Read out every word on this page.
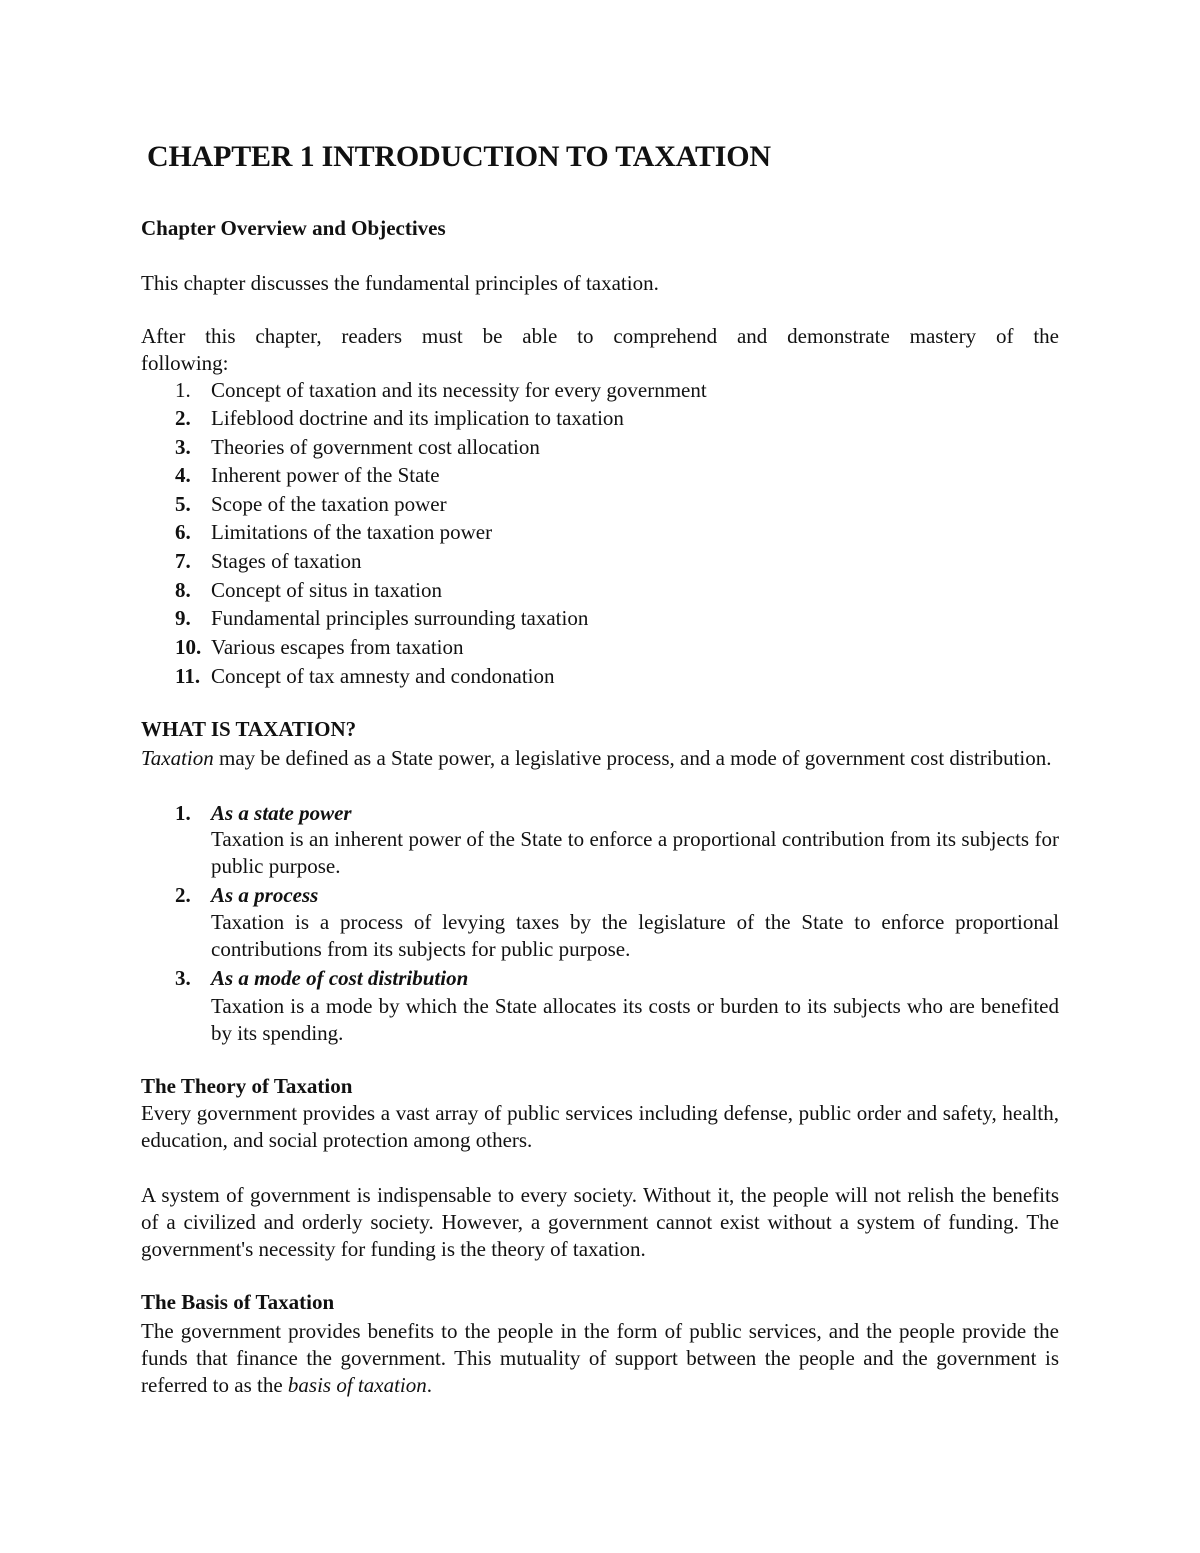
CHAPTER 1 INTRODUCTION TO TAXATION
Chapter Overview and Objectives

This chapter discusses the fundamental principles of taxation.

After this chapter, readers must be able to comprehend and demonstrate mastery of the

following:

1. Concept of taxation and its necessity for every government
2. Lifeblood doctrine and its implication to taxation
3. Theories of government cost allocation
4. Inherent power of the State
5. Scope of the taxation power
6. Limitations of the taxation power
7. Stages of taxation
8. Concept of situs in taxation
9. Fundamental principles surrounding taxation
10. Various escapes from taxation
11. Concept of tax amnesty and condonation
WHAT IS TAXATION?

Taxation may be defined as a State power, a legislative process, and a mode of government cost distribution.

1. As a state power

Taxation is an inherent power of the State to enforce a proportional contribution from its subjects for public purpose.

2. As a process

Taxation is a process of levying taxes by the legislature of the State to enforce proportional contributions from its subjects for public purpose.

3. As a mode of cost distribution

Taxation is a mode by which the State allocates its costs or burden to its subjects who are benefited by its spending.

The Theory of Taxation

Every government provides a vast array of public services including defense, public order and safety, health, education, and social protection among others.

A system of government is indispensable to every society. Without it, the people will not relish the benefits of a civilized and orderly society. However, a government cannot exist without a system of funding. The government's necessity for funding is the theory of taxation.

The Basis of Taxation

The government provides benefits to the people in the form of public services, and the people provide the funds that finance the government. This mutuality of support between the people and the government is referred to as the basis of taxation.
